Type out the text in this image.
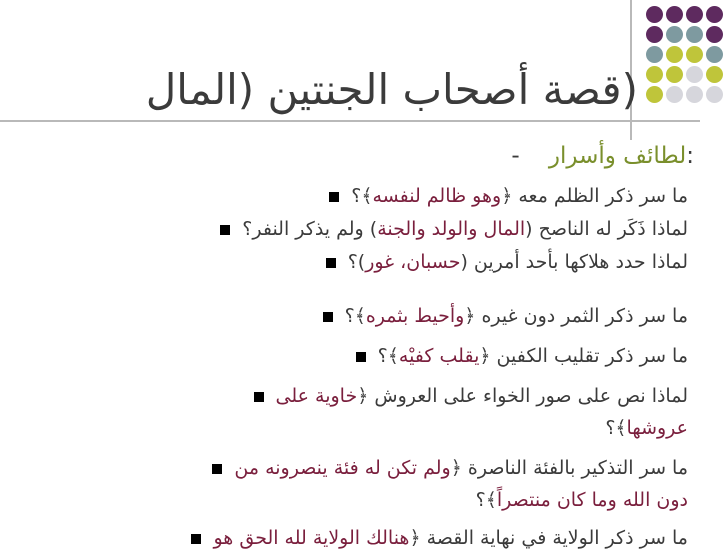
(قصة أصحاب الجنتين (المال
:لطائف وأسرار    -
ما سر ذكر الظلم معه ﴿وهو ظالم لنفسه﴾؟
لماذا ذَكَر له الناصح (المال والولد والجنة) ولم يذكر النفر؟
لماذا حدد هلاكها بأحد أمرين (حسبان، غور)؟
ما سر ذكر الثمر دون غيره ﴿وأحيط بثمره﴾؟
ما سر ذكر تقليب الكفين ﴿يقلب كفيْه﴾؟
لماذا نص على صور الخواء على العروش ﴿خاوية على
عروشها﴾؟
ما سر التذكير بالفئة الناصرة ﴿ولم تكن له فئة ينصرونه من
دون الله وما كان منتصراً﴾؟
ما سر ذكر الولاية في نهاية القصة ﴿هنالك الولاية لله الحق هو
